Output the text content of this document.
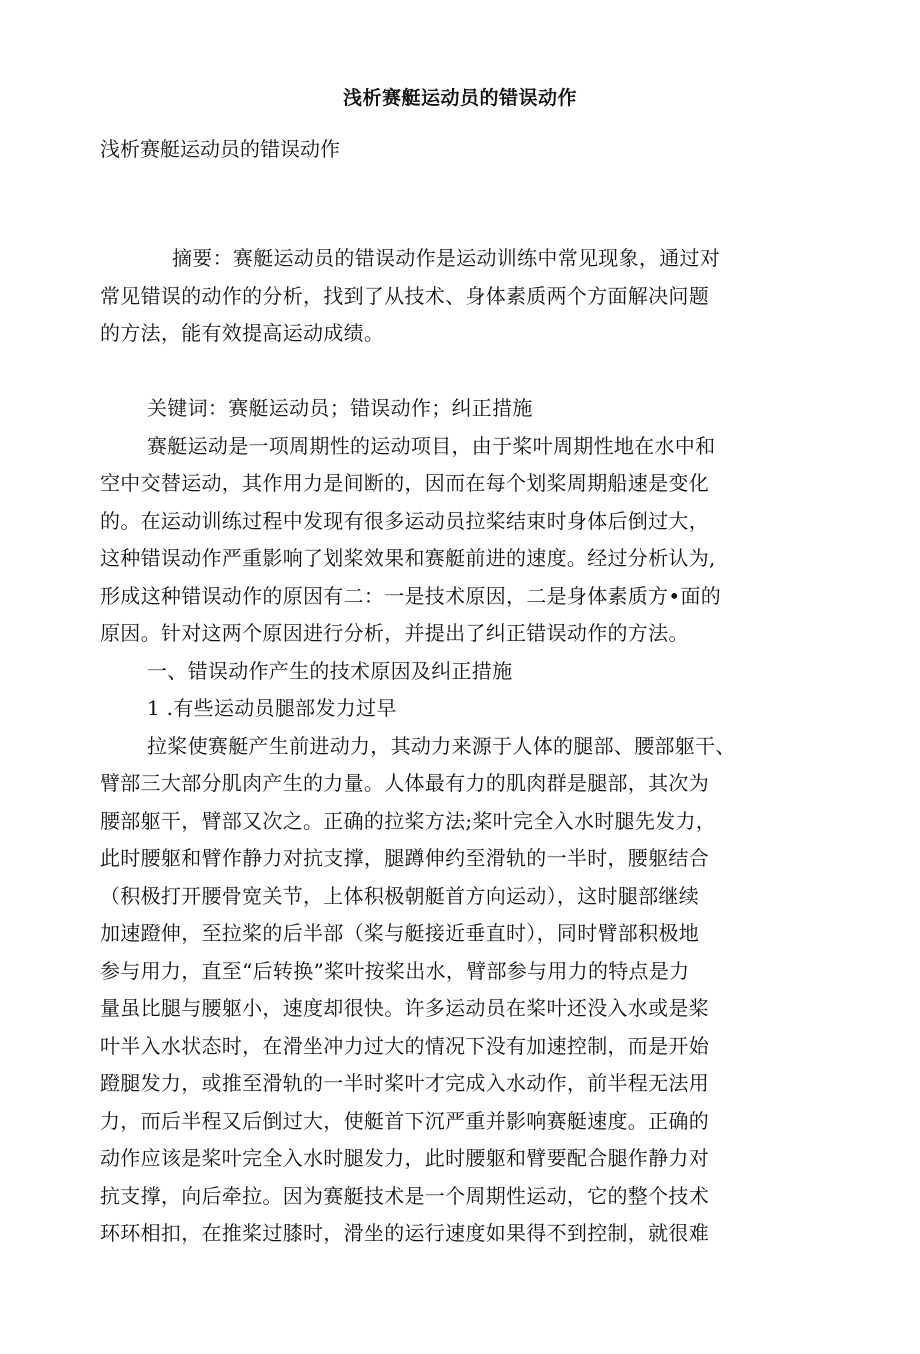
浅析赛艇运动员的错误动作
浅析赛艇运动员的错误动作
摘要：赛艇运动员的错误动作是运动训练中常见现象，通过对
常见错误的动作的分析，找到了从技术、身体素质两个方面解决问题
的方法，能有效提高运动成绩。
关键词：赛艇运动员；错误动作；纠正措施
赛艇运动是一项周期性的运动项目，由于桨叶周期性地在水中和
空中交替运动，其作用力是间断的，因而在每个划桨周期船速是变化
的。在运动训练过程中发现有很多运动员拉桨结束时身体后倒过大，
这种错误动作严重影响了划桨效果和赛艇前进的速度。经过分析认为,
形成这种错误动作的原因有二：一是技术原因，二是身体素质方•面的
原因。针对这两个原因进行分析，并提出了纠正错误动作的方法。
一、错误动作产生的技术原因及纠正措施
1 .有些运动员腿部发力过早
拉桨使赛艇产生前进动力，其动力来源于人体的腿部、腰部躯干、
臂部三大部分肌肉产生的力量。人体最有力的肌肉群是腿部，其次为
腰部躯干，臂部又次之。正确的拉桨方法;桨叶完全入水时腿先发力，
此时腰躯和臂作静力对抗支撑，腿蹲伸约至滑轨的一半时，腰躯结合
（积极打开腰骨宽关节，上体积极朝艇首方向运动），这时腿部继续
加速蹬伸，至拉桨的后半部（桨与艇接近垂直时），同时臂部积极地
参与用力，直至“后转换”桨叶按桨出水，臂部参与用力的特点是力
量虽比腿与腰躯小，速度却很快。许多运动员在桨叶还没入水或是桨
叶半入水状态时，在滑坐冲力过大的情况下没有加速控制，而是开始
蹬腿发力，或推至滑轨的一半时桨叶才完成入水动作，前半程无法用
力，而后半程又后倒过大，使艇首下沉严重并影响赛艇速度。正确的
动作应该是桨叶完全入水时腿发力，此时腰躯和臂要配合腿作静力对
抗支撑，向后牵拉。因为赛艇技术是一个周期性运动，它的整个技术
环环相扣，在推桨过膝时，滑坐的运行速度如果得不到控制，就很难
